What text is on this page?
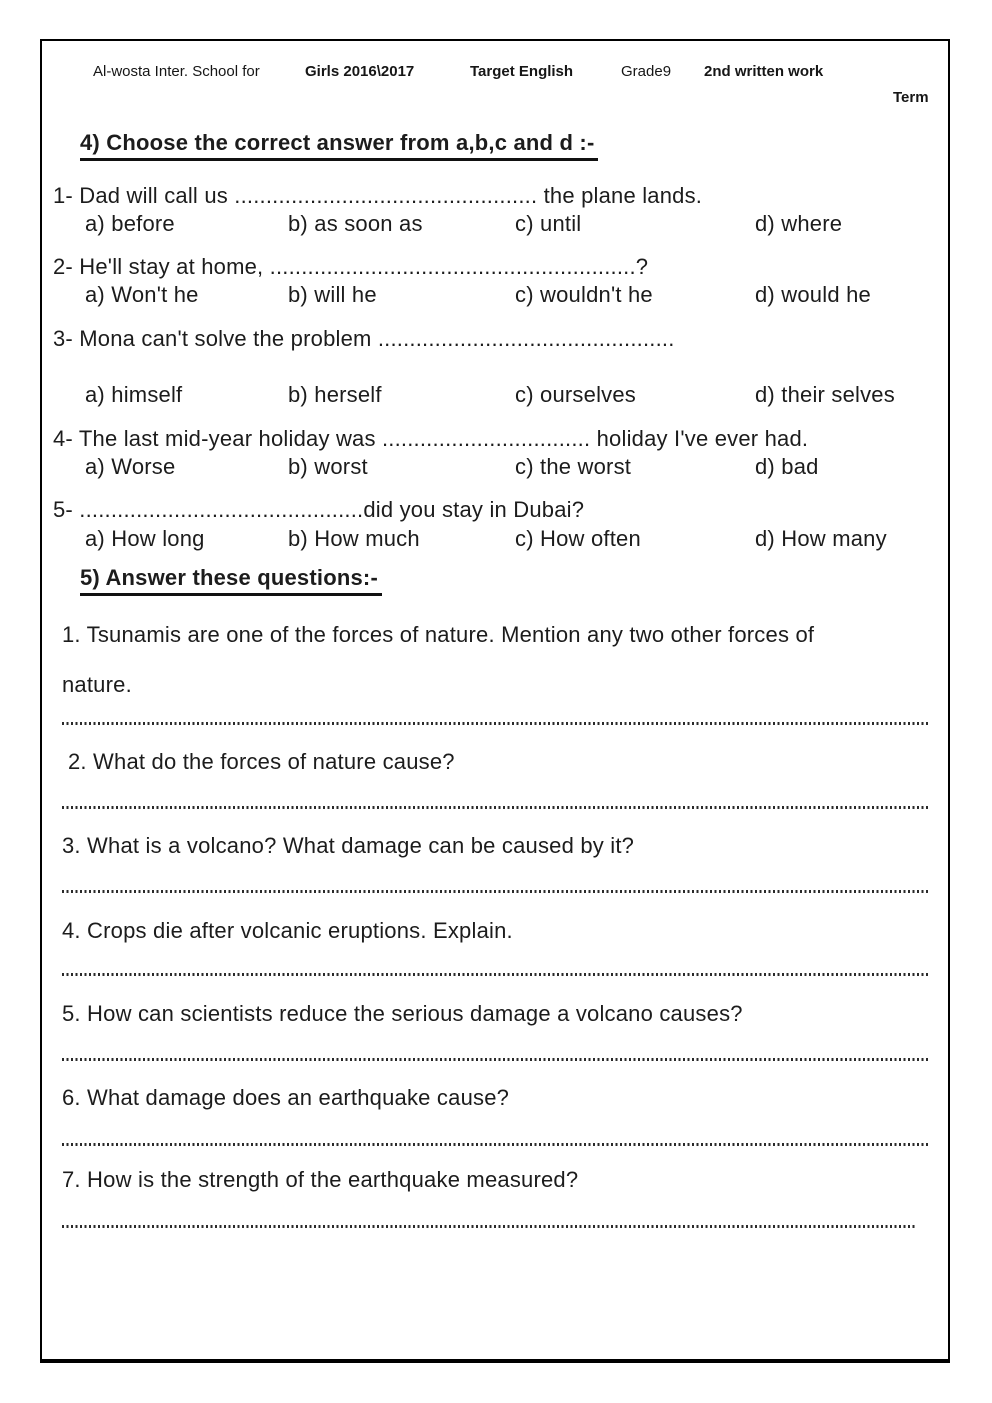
Al-wosta Inter. School for	Girls 2016\2017	Target English	Grade9 2nd written work
Term
4) Choose the correct answer from a,b,c and d :-
1- Dad will call us ................................................ the plane lands.
a) before	b) as soon as	c) until	d) where
2- He'll stay at home, ..........................................................?
a) Won't he	b) will he	c) wouldn't he	d) would he
3- Mona can't solve the problem ...............................................
a) himself	b) herself	c) ourselves	d) their selves
4- The last mid-year holiday was ................................. holiday I've ever had.
a) Worse	b) worst	c) the worst	d) bad
5- .............................................did you stay in Dubai?
a) How long	b) How much	c) How often	d) How many
5) Answer these questions:-
1. Tsunamis are one of the forces of nature. Mention any two other forces of
nature.
2. What do the forces of nature cause?
3. What is a volcano? What damage can be caused by it?
4. Crops die after volcanic eruptions. Explain.
5. How can scientists reduce the serious damage a volcano causes?
6. What damage does an earthquake cause?
7. How is the strength of the earthquake measured?
